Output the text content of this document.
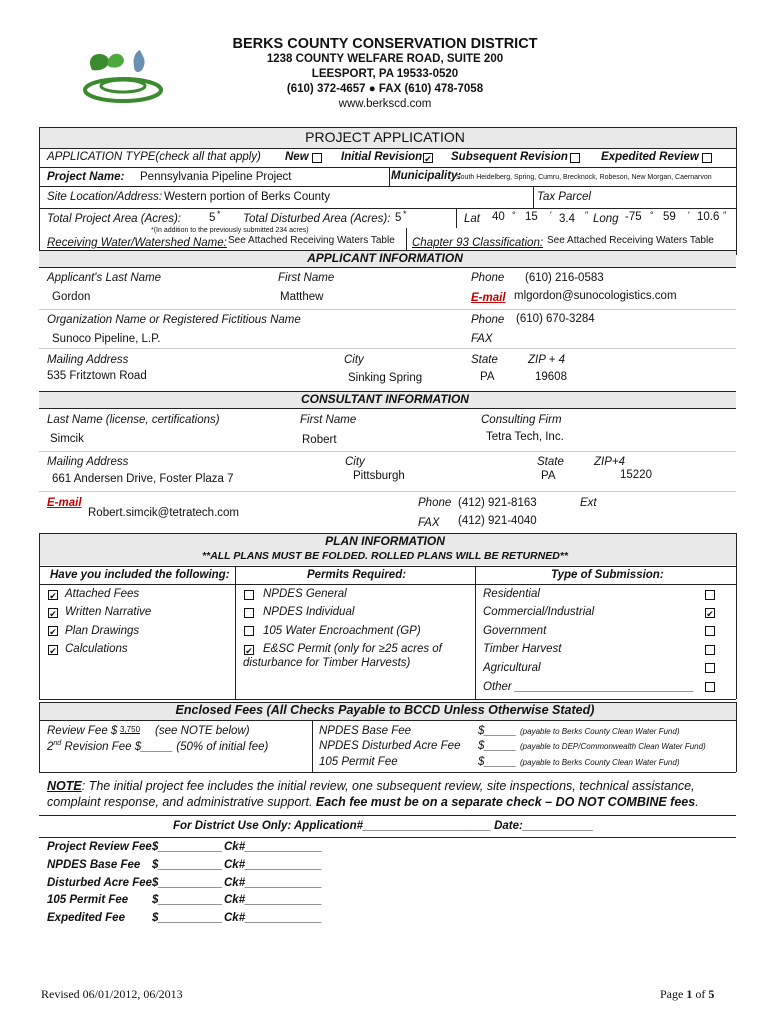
BERKS COUNTY CONSERVATION DISTRICT
1238 COUNTY WELFARE ROAD, SUITE 200
LEESPORT, PA 19533-0520
(610) 372-4657 ● FAX (610) 478-7058
www.berkscd.com
PROJECT APPLICATION
APPLICATION TYPE(check all that apply) New	Initial Revision
✔	Subsequent Revision	Expedited Review
Project Name: Pennsylvania Pipeline Project	Municipality:
South Heidelberg, Spring, Cumru, Brecknock, Robeson, New Morgan, Caernarvon
Site Location/Address: Western portion of Berks County	Tax Parcel
Total Project Area (Acres): 5 * Total Disturbed Area (Acres): 5 *
*(In addition to the previously submitted 234 acres)
Lat 40 ° 15 ′ 3.4 ″ Long -75 ° 59 ′ 10.6 ″
Receiving Water/Watershed Name: See Attached Receiving Waters Table Chapter 93 Classification: See Attached Receiving Waters Table
APPLICANT INFORMATION
Applicant's Last Name
Gordon
First Name
Matthew
Phone (610) 216-0583
E-mail mlgordon@sunocologistics.com
Organization Name or Registered Fictitious Name
Sunoco Pipeline, L.P.
Phone (610) 670-3284
FAX
Mailing Address
535 Fritztown Road
City
Sinking Spring
State
PA
ZIP + 4
19608
CONSULTANT INFORMATION
Last Name (license, certifications)
Simcik
First Name
Robert
Consulting Firm
Tetra Tech, Inc.
Mailing Address
661 Andersen Drive, Foster Plaza 7
City
Pittsburgh
State
PA
ZIP+4
15220
E-mail
Robert.simcik@tetratech.com
Phone (412) 921-8163	Ext
FAX (412) 921-4040
PLAN INFORMATION
**ALL PLANS MUST BE FOLDED. ROLLED PLANS WILL BE RETURNED**
Have you included the following:	Permits Required:	Type of Submission:
✔
Attached Fees
✔
Written Narrative
✔
Plan Drawings
✔
Calculations
NPDES General
NPDES Individual
105 Water Encroachment (GP)
✔
E&SC Permit (only for ≥25 acres of
disturbance for Timber Harvests)
Residential
Commercial/Industrial
✔
Government
Timber Harvest
Agricultural
Other ____________________________
Enclosed Fees (All Checks Payable to BCCD Unless Otherwise Stated)
Review Fee $ 3,750 (see NOTE below)
2nd Revision Fee $_____ (50% of initial fee)
NPDES Base Fee
NPDES Disturbed Acre Fee
105 Permit Fee
$_____
$_____
$_____
(payable to Berks County Clean Water Fund)
(payable to DEP/Commonwealth Clean Water Fund)
(payable to Berks County Clean Water Fund)
NOTE: The initial project fee includes the initial review, one subsequent review, site inspections, technical assistance,
complaint response, and administrative support. Each fee must be on a separate check – DO NOT COMBINE fees.
For District Use Only: Application#____________________ Date:___________
Project Review Fee $__________ Ck#____________
NPDES Base Fee $__________ Ck#____________
Disturbed Acre Fee $__________ Ck#____________
105 Permit Fee $__________ Ck#____________
Expedited Fee $__________ Ck#____________
Revised 06/01/2012, 06/2013	Page 1 of 5
